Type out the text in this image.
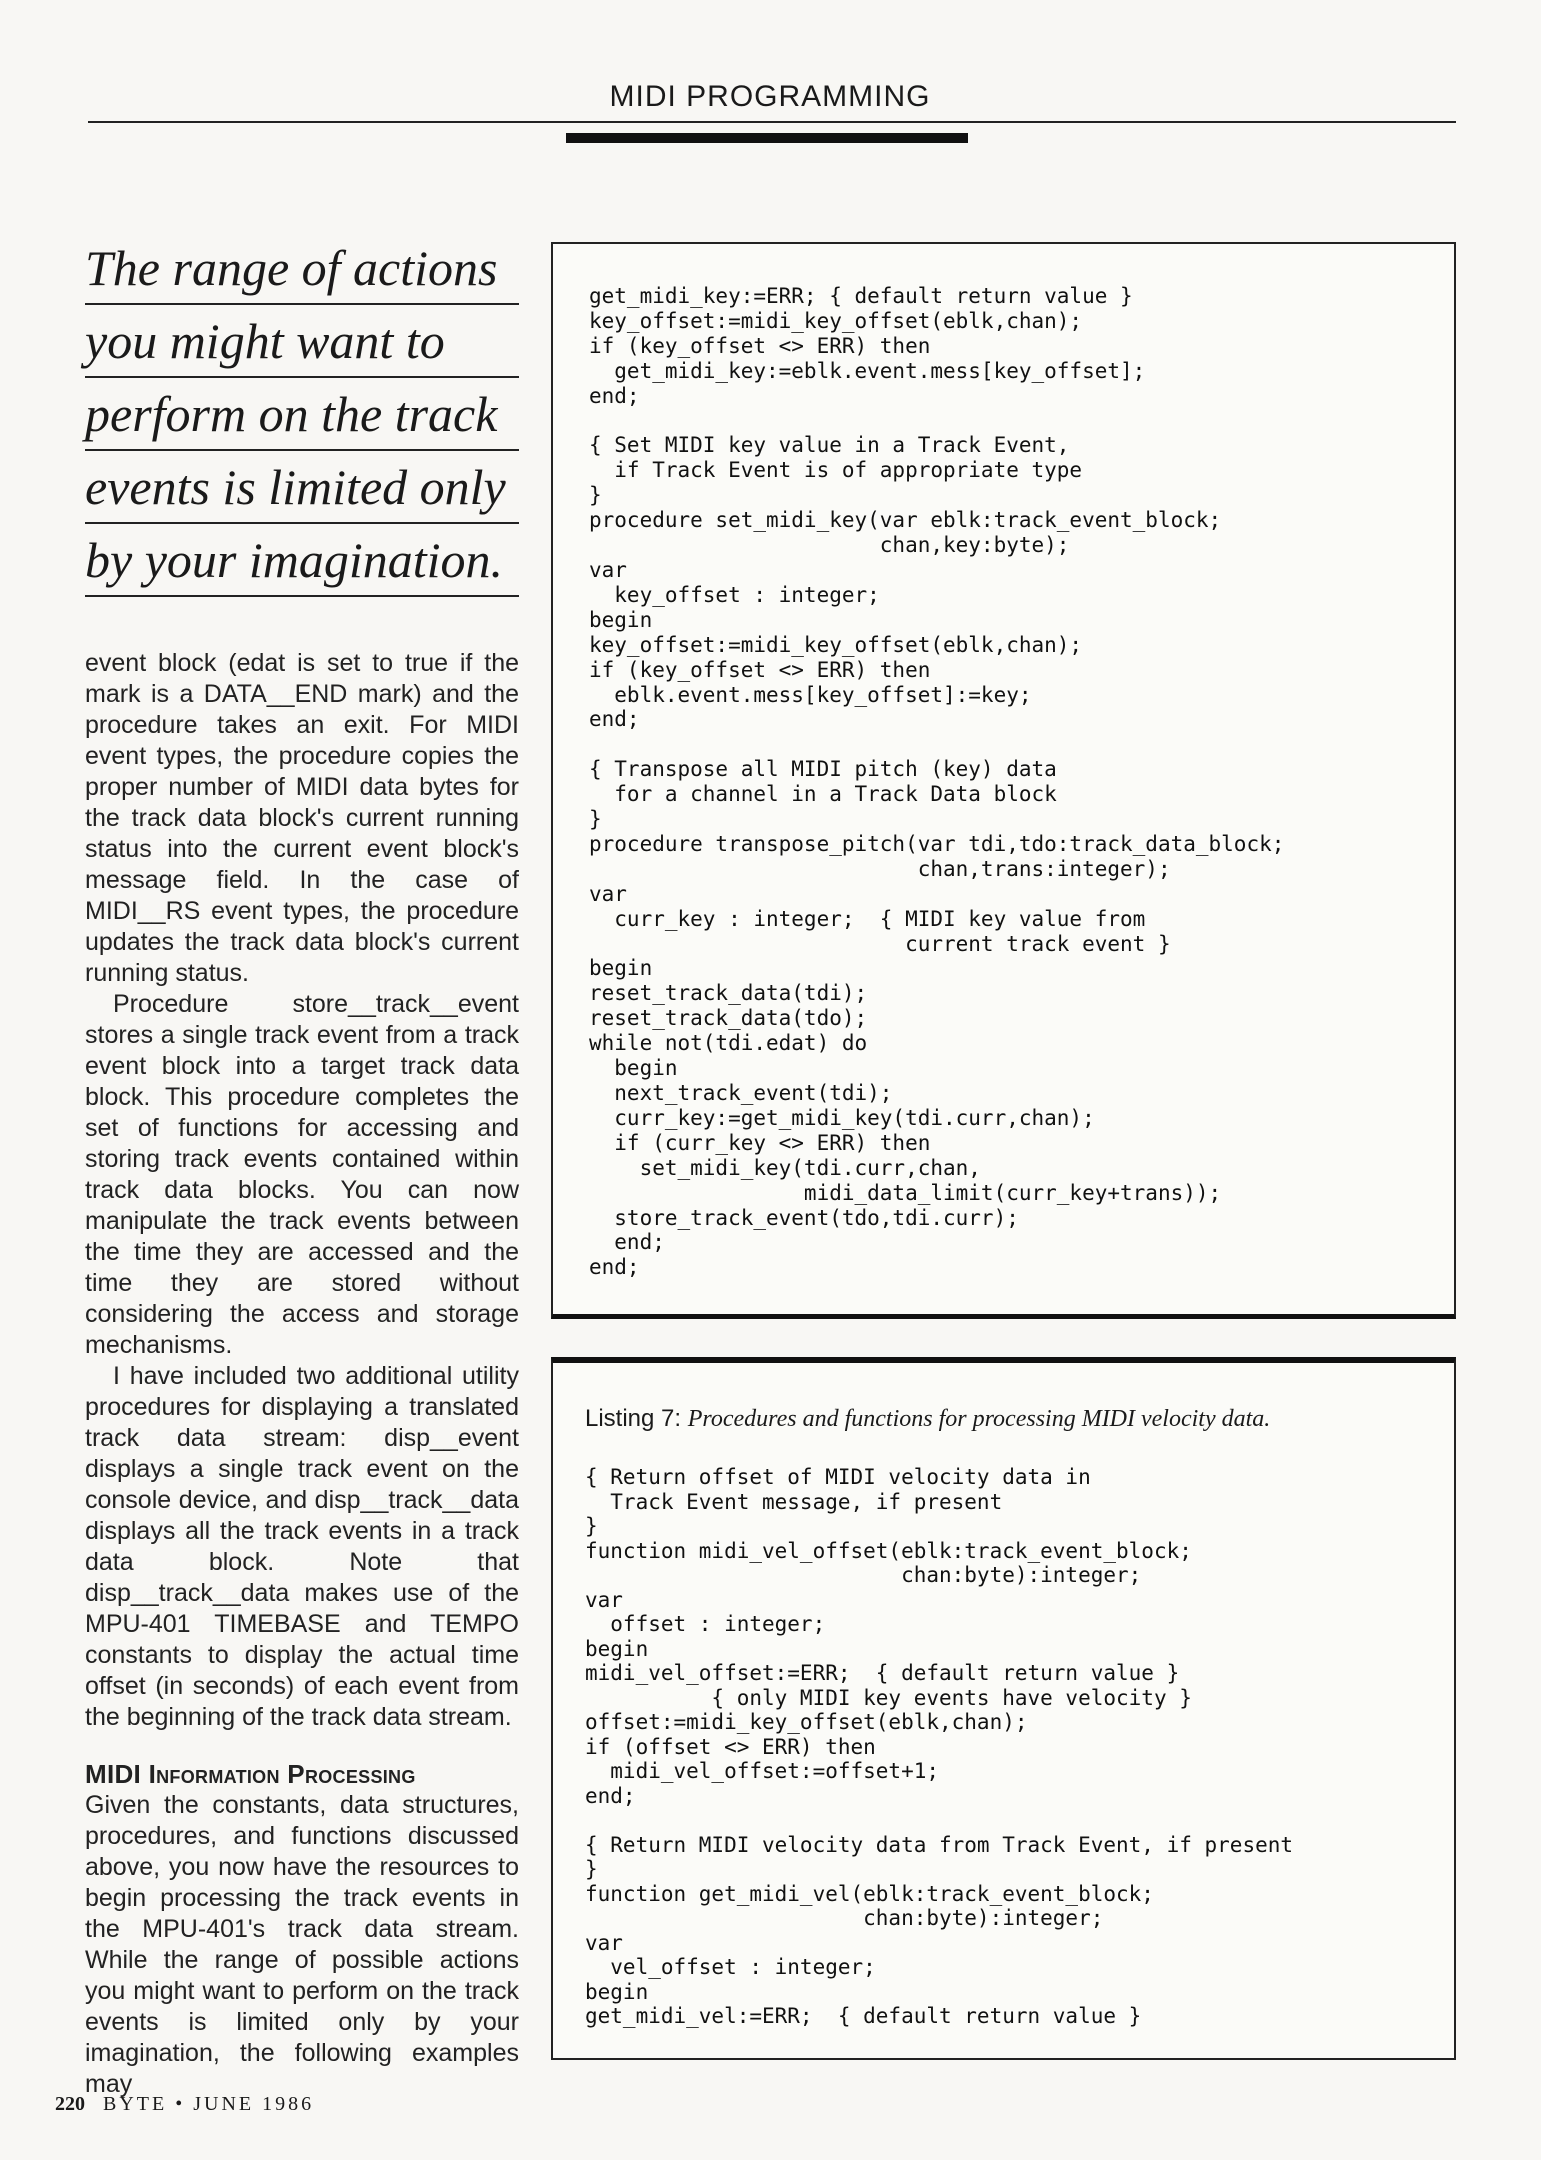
MIDI PROGRAMMING
The range of actions
you might want to
perform on the track
events is limited only
by your imagination.

event block (edat is set to true if the mark is a DATA__END mark) and the procedure takes an exit. For MIDI event types, the procedure copies the proper number of MIDI data bytes for the track data block's current running status into the current event block's message field. In the case of MIDI__RS event types, the procedure updates the track data block's current running status.

Procedure store__track__event stores a single track event from a track event block into a target track data block. This procedure completes the set of functions for accessing and storing track events contained within track data blocks. You can now manipulate the track events between the time they are accessed and the time they are stored without considering the access and storage mechanisms.

I have included two additional utility procedures for displaying a translated track data stream: disp__event displays a single track event on the console device, and disp__track__data displays all the track events in a track data block. Note that disp__track__data makes use of the MPU-401 TIMEBASE and TEMPO constants to display the actual time offset (in seconds) of each event from the beginning of the track data stream.

MIDI Information Processing

Given the constants, data structures, procedures, and functions discussed above, you now have the resources to begin processing the track events in the MPU-401's track data stream. While the range of possible actions you might want to perform on the track events is limited only by your imagination, the following examples may

get_midi_key:=ERR; { default return value }
key_offset:=midi_key_offset(eblk,chan);
if (key_offset <> ERR) then
get_midi_key:=eblk.event.mess[key_offset];
end;

{ Set MIDI key value in a Track Event,
if Track Event is of appropriate type
}
procedure set_midi_key(var eblk:track_event_block;
chan,key:byte);
var
key_offset : integer;
begin
key_offset:=midi_key_offset(eblk,chan);
if (key_offset <> ERR) then
eblk.event.mess[key_offset]:=key;
end;

{ Transpose all MIDI pitch (key) data
for a channel in a Track Data block
}
procedure transpose_pitch(var tdi,tdo:track_data_block;
chan,trans:integer);
var
curr_key : integer;  { MIDI key value from
current track event }
begin
reset_track_data(tdi);
reset_track_data(tdo);
while not(tdi.edat) do
begin
next_track_event(tdi);
curr_key:=get_midi_key(tdi.curr,chan);
if (curr_key <> ERR) then
set_midi_key(tdi.curr,chan,
midi_data_limit(curr_key+trans));
store_track_event(tdo,tdi.curr);
end;
end;
Listing 7: Procedures and functions for processing MIDI velocity data.
{ Return offset of MIDI velocity data in
Track Event message, if present
}
function midi_vel_offset(eblk:track_event_block;
chan:byte):integer;
var
offset : integer;
begin
midi_vel_offset:=ERR;  { default return value }
{ only MIDI key events have velocity }
offset:=midi_key_offset(eblk,chan);
if (offset <> ERR) then
midi_vel_offset:=offset+1;
end;

{ Return MIDI velocity data from Track Event, if present
}
function get_midi_vel(eblk:track_event_block;
chan:byte):integer;
var
vel_offset : integer;
begin
get_midi_vel:=ERR;  { default return value }
220 BYTE • JUNE 1986
